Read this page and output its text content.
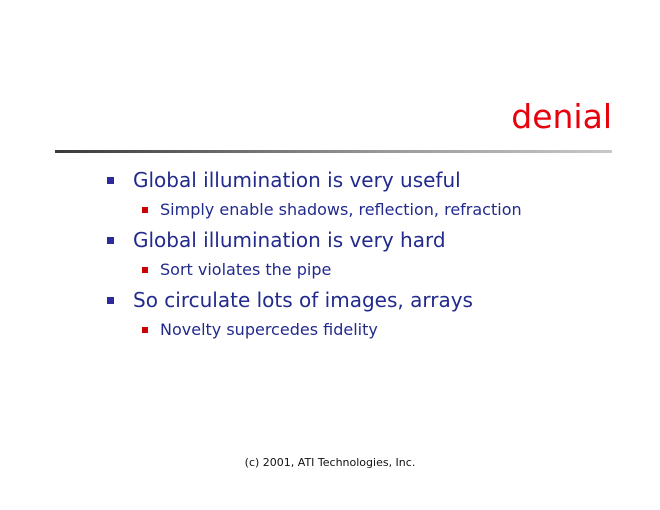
denial
Global illumination is very useful
Simply enable shadows, reflection, refraction
Global illumination is very hard
Sort violates the pipe
So circulate lots of images, arrays
Novelty supercedes fidelity
(c) 2001, ATI Technologies, Inc.
